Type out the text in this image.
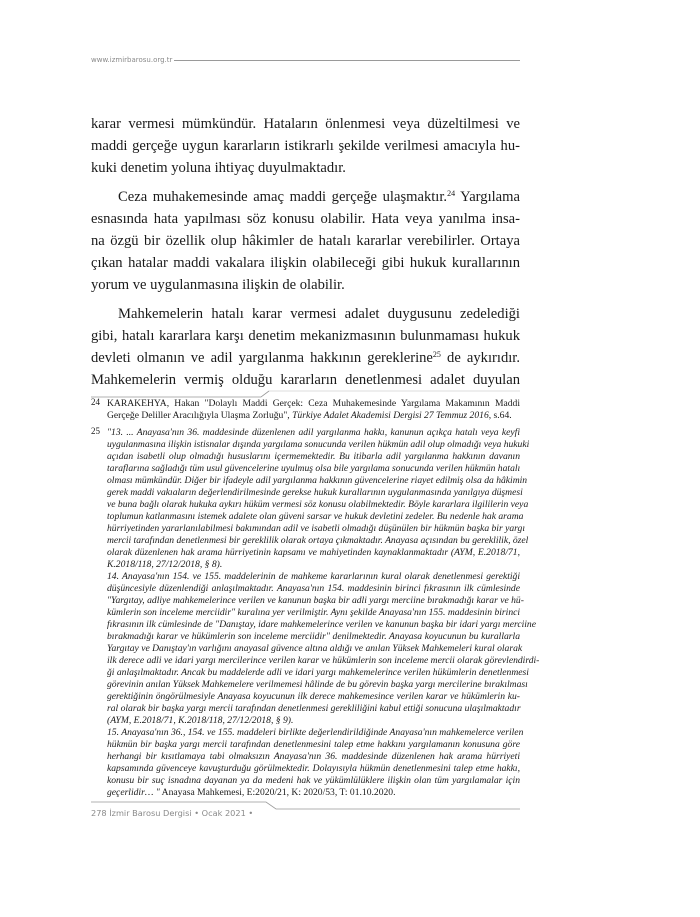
www.izmirbarosu.org.tr
karar vermesi mümkündür. Hataların önlenmesi veya düzeltilmesi ve
maddi gerçeğe uygun kararların istikrarlı şekilde verilmesi amacıyla hu-
kuki denetim yoluna ihtiyaç duyulmaktadır.
Ceza muhakemesinde amaç maddi gerçeğe ulaşmaktır.$^{24}$ Yargılama
esnasında hata yapılması söz konusu olabilir. Hata veya yanılma insa-
na özgü bir özellik olup hâkimler de hatalı kararlar verebilirler. Ortaya
çıkan hatalar maddi vakalara ilişkin olabileceği gibi hukuk kurallarının
yorum ve uygulanmasına ilişkin de olabilir.
Mahkemelerin hatalı karar vermesi adalet duygusunu zedelediği
gibi, hatalı kararlara karşı denetim mekanizmasının bulunmaması hukuk
devleti olmanın ve adil yargılanma hakkının gereklerine$^{25}$ de aykırıdır.
Mahkemelerin vermiş olduğu kararların denetlenmesi adalet duyulan
24 KARAKEHYA, Hakan "Dolaylı Maddi Gerçek: Ceza Muhakemesinde Yargılama Makamının Maddi
Gerçeğe Deliller Aracılığıyla Ulaşma Zorluğu", Türkiye Adalet Akademisi Dergisi 27 Temmuz 2016, s.64.
25 "13. ... Anayasa'nın 36. maddesinde düzenlenen adil yargılanma hakkı, kanunun açıkça hatalı veya keyfi
uygulanmasına ilişkin istisnalar dışında yargılama sonucunda verilen hükmün adil olup olmadığı veya hukuki
açıdan isabetli olup olmadığı hususlarını içermemektedir. Bu itibarla adil yargılanma hakkının davanın
taraflarına sağladığı tüm usul güvencelerine uyulmuş olsa bile yargılama sonucunda verilen hükmün hatalı
olması mümkündür. Diğer bir ifadeyle adil yargılanma hakkının güvencelerine riayet edilmiş olsa da hâkimin
gerek maddi vakıaların değerlendirilmesinde gerekse hukuk kurallarının uygulanmasında yanılgıya düşmesi
ve buna bağlı olarak hukuka aykırı hüküm vermesi söz konusu olabilmektedir. Böyle kararlara ilgililerin veya
toplumun katlanmasını istemek adalete olan güveni sarsar ve hukuk devletini zedeler. Bu nedenle hak arama
hürriyetinden yararlanılabilmesi bakımından adil ve isabetli olmadığı düşünülen bir hükmün başka bir yargı
mercii tarafından denetlenmesi bir gereklilik olarak ortaya çıkmaktadır. Anayasa açısından bu gereklilik, özel
olarak düzenlenen hak arama hürriyetinin kapsamı ve mahiyetinden kaynaklanmaktadır (AYM, E.2018/71,
K.2018/118, 27/12/2018, § 8).
14. Anayasa'nın 154. ve 155. maddelerinin de mahkeme kararlarının kural olarak denetlenmesi gerektiği
düşüncesiyle düzenlendiği anlaşılmaktadır. Anayasa'nın 154. maddesinin birinci fıkrasının ilk cümlesinde
"Yargıtay, adliye mahkemelerince verilen ve kanunun başka bir adli yargı merciine bırakmadığı karar ve hü-
kümlerin son inceleme merciidir" kuralına yer verilmiştir. Aynı şekilde Anayasa'nın 155. maddesinin birinci
fıkrasının ilk cümlesinde de "Danıştay, idare mahkemelerince verilen ve kanunun başka bir idari yargı merciine
bırakmadığı karar ve hükümlerin son inceleme merciidir" denilmektedir. Anayasa koyucunun bu kurallarla
Yargıtay ve Danıştay'ın varlığını anayasal güvence altına aldığı ve anılan Yüksek Mahkemeleri kural olarak
ilk derece adli ve idari yargı mercilerince verilen karar ve hükümlerin son inceleme mercii olarak görevlendirdi-
ği anlaşılmaktadır. Ancak bu maddelerde adli ve idari yargı mahkemelerince verilen hükümlerin denetlenmesi
görevinin anılan Yüksek Mahkemelere verilmemesi hâlinde de bu görevin başka yargı mercilerine bırakılması
gerektiğinin öngörülmesiyle Anayasa koyucunun ilk derece mahkemesince verilen karar ve hükümlerin ku-
ral olarak bir başka yargı mercii tarafından denetlenmesi gerekliliğini kabul ettiği sonucuna ulaşılmaktadır
(AYM, E.2018/71, K.2018/118, 27/12/2018, § 9).
15. Anayasa'nın 36., 154. ve 155. maddeleri birlikte değerlendirildiğinde Anayasa'nın mahkemelerce verilen
hükmün bir başka yargı mercii tarafından denetlenmesini talep etme hakkını yargılamanın konusuna göre
herhangi bir kısıtlamaya tabi olmaksızın Anayasa'nın 36. maddesinde düzenlenen hak arama hürriyeti
kapsamında güvenceye kavuşturduğu görülmektedir. Dolayısıyla hükmün denetlenmesini talep etme hakkı,
konusu bir suç isnadına dayanan ya da medeni hak ve yükümlülüklere ilişkin olan tüm yargılamalar için
geçerlidir… " Anayasa Mahkemesi, E:2020/21, K: 2020/53, T: 01.10.2020.
278 İzmir Barosu Dergisi • Ocak 2021 •
